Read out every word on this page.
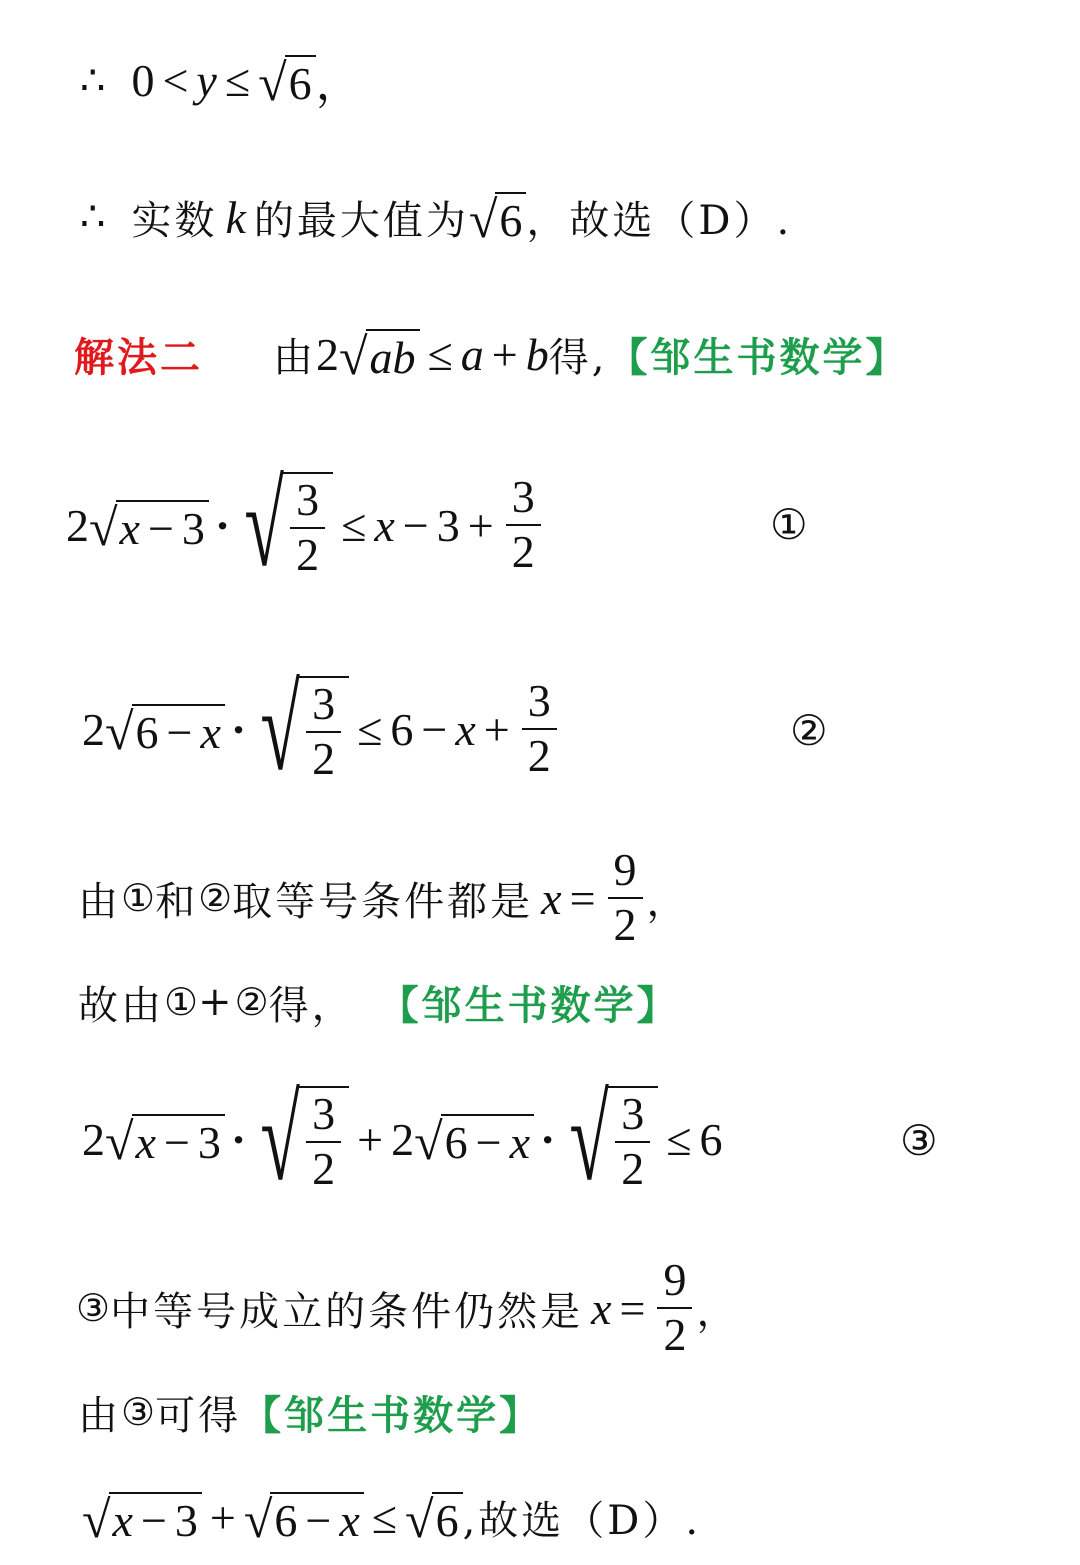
∴ 0 < y ≤ √ 6 ，
∴ 实数 k 的最大值为 √ 6 ，故选（D）.
解法二 由 2 √ ab ≤ a + b 得, 【邹生书数学】
2 √ x − 3 · √ $\frac{3}{2} \le x - 3 + \frac{3}{2}$	①
2 √ 6 − x · √ $\frac{3}{2} \le 6 - x + \frac{3}{2}$	②
由 ① 和 ② 取等号条件都是 $x = \frac{9}{2}$ ，
故由 ① + ② 得， 【邹生书数学】
2 √ x − 3 · √ $\frac{3}{2} + 2$ √ 6 − x · √ $\frac{3}{2} \le 6$	③
③ 中等号成立的条件仍然是 $x = \frac{9}{2}$ ，
由 ③ 可得 【邹生书数学】
√ x − 3 + √ 6 − x ≤ √ 6 ,故选（D）.
